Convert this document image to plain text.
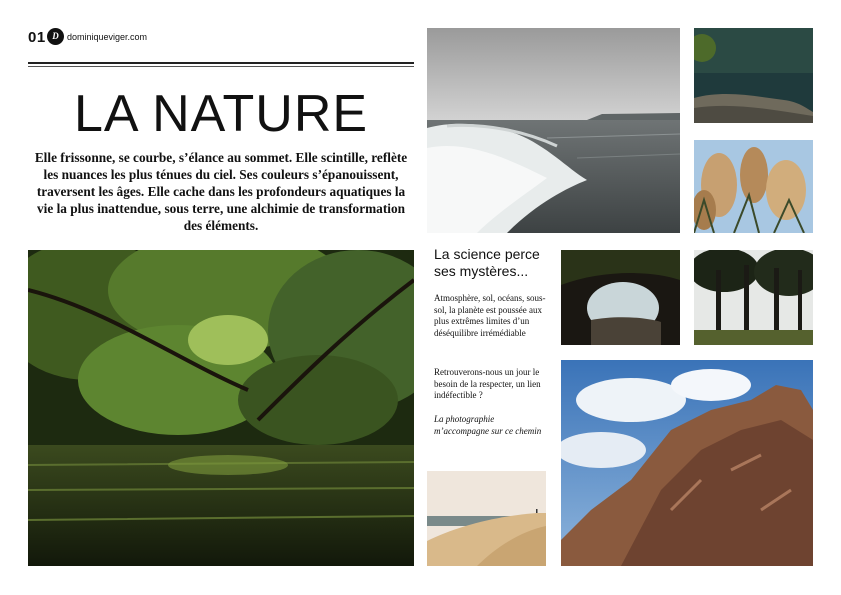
01 D dominiqueviger.com
LA NATURE

Elle frissonne, se courbe, s’élance au sommet. Elle scintille, reflète les nuances les plus ténues du ciel. Ses couleurs s’épanouissent, traversent les âges. Elle cache dans les profondeurs aquatiques la vie la plus inattendue, sous terre, une alchimie de transformation des éléments.

La science perce ses mystères...

Atmosphère, sol, océans, sous-sol, la planète est poussée aux plus extrêmes limites d’un déséquilibre irrémédiable

Retrouverons-nous un jour le besoin de la respecter, un lien indéfectible ?

La photographie m’accompagne sur ce chemin
